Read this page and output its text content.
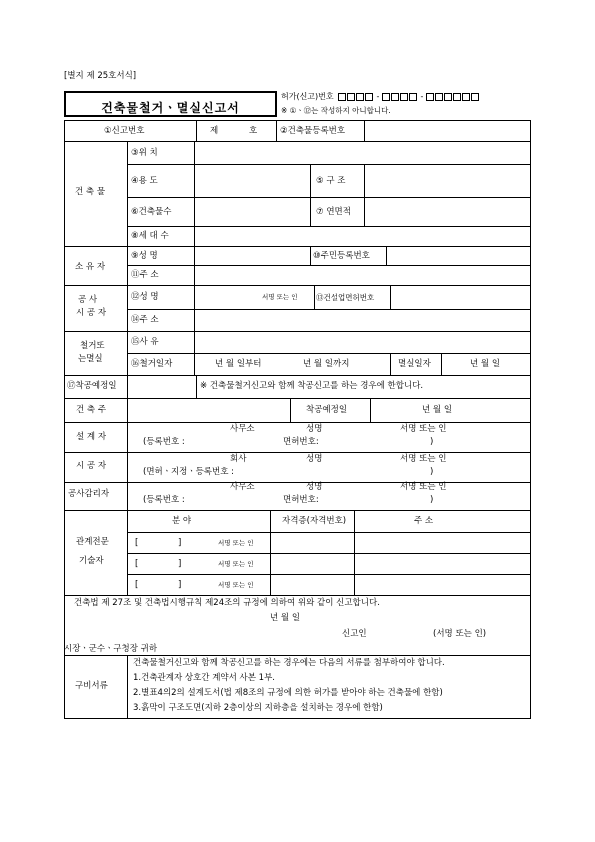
[별지 제 25호서식]
건축물철거ㆍ멸실신고서
허가(신고)번호	-	-
※ ①ㆍ⑫는 작성하지 아니합니다.
①신고번호	제	호	②건축물등록번호
건 축 물
③위 치
④용 도	⑤ 구 조
⑥건축물수	⑦ 연면적
⑧세 대 수
소 유 자
⑨성 명	⑩주민등록번호
⑪주 소
공 사
시 공 자
⑫성 명	서명 또는 인 ⑬건설업면허번호
⑭주 소
철거또
는멸실
⑮사 유
⑯철거일자	년 월 일부터	년 월 일까지	멸실일자	년 월 일
⑰착공예정일	※ 건축물철거신고와 함께 착공신고를 하는 경우에 한합니다.
건 축 주	착공예정일	년 월 일
설 계 자
사무소	성명	서명 또는 인
(등록번호 :	면허번호:	)
시 공 자
회사	성명	서명 또는 인
(면허ㆍ지정ㆍ등록번호 :	)
공사감리자
사무소	성명	서명 또는 인
(등록번호 :	면허번호:	)
관계전문
기술자
분 야	자격증(자격번호)	주 소
[	]	서명 또는 인
[	]	서명 또는 인
[	]	서명 또는 인
건축법 제 27조 및 건축법시행규칙 제24조의 규정에 의하여 위와 같이 신고합니다.
년 월 일
신고인	(서명 또는 인)
시장ㆍ군수ㆍ구청장 귀하
구비서류
건축물철거신고와 함께 착공신고를 하는 경우에는 다음의 서류를 첨부하여야 합니다.
1.건축관계자 상호간 계약서 사본 1부.
2.별표4의2의 설계도서(법 제8조의 규정에 의한 허가를 받아야 하는 건축물에 한함)
3.흙막이 구조도면(지하 2층이상의 지하층을 설치하는 경우에 한함)
